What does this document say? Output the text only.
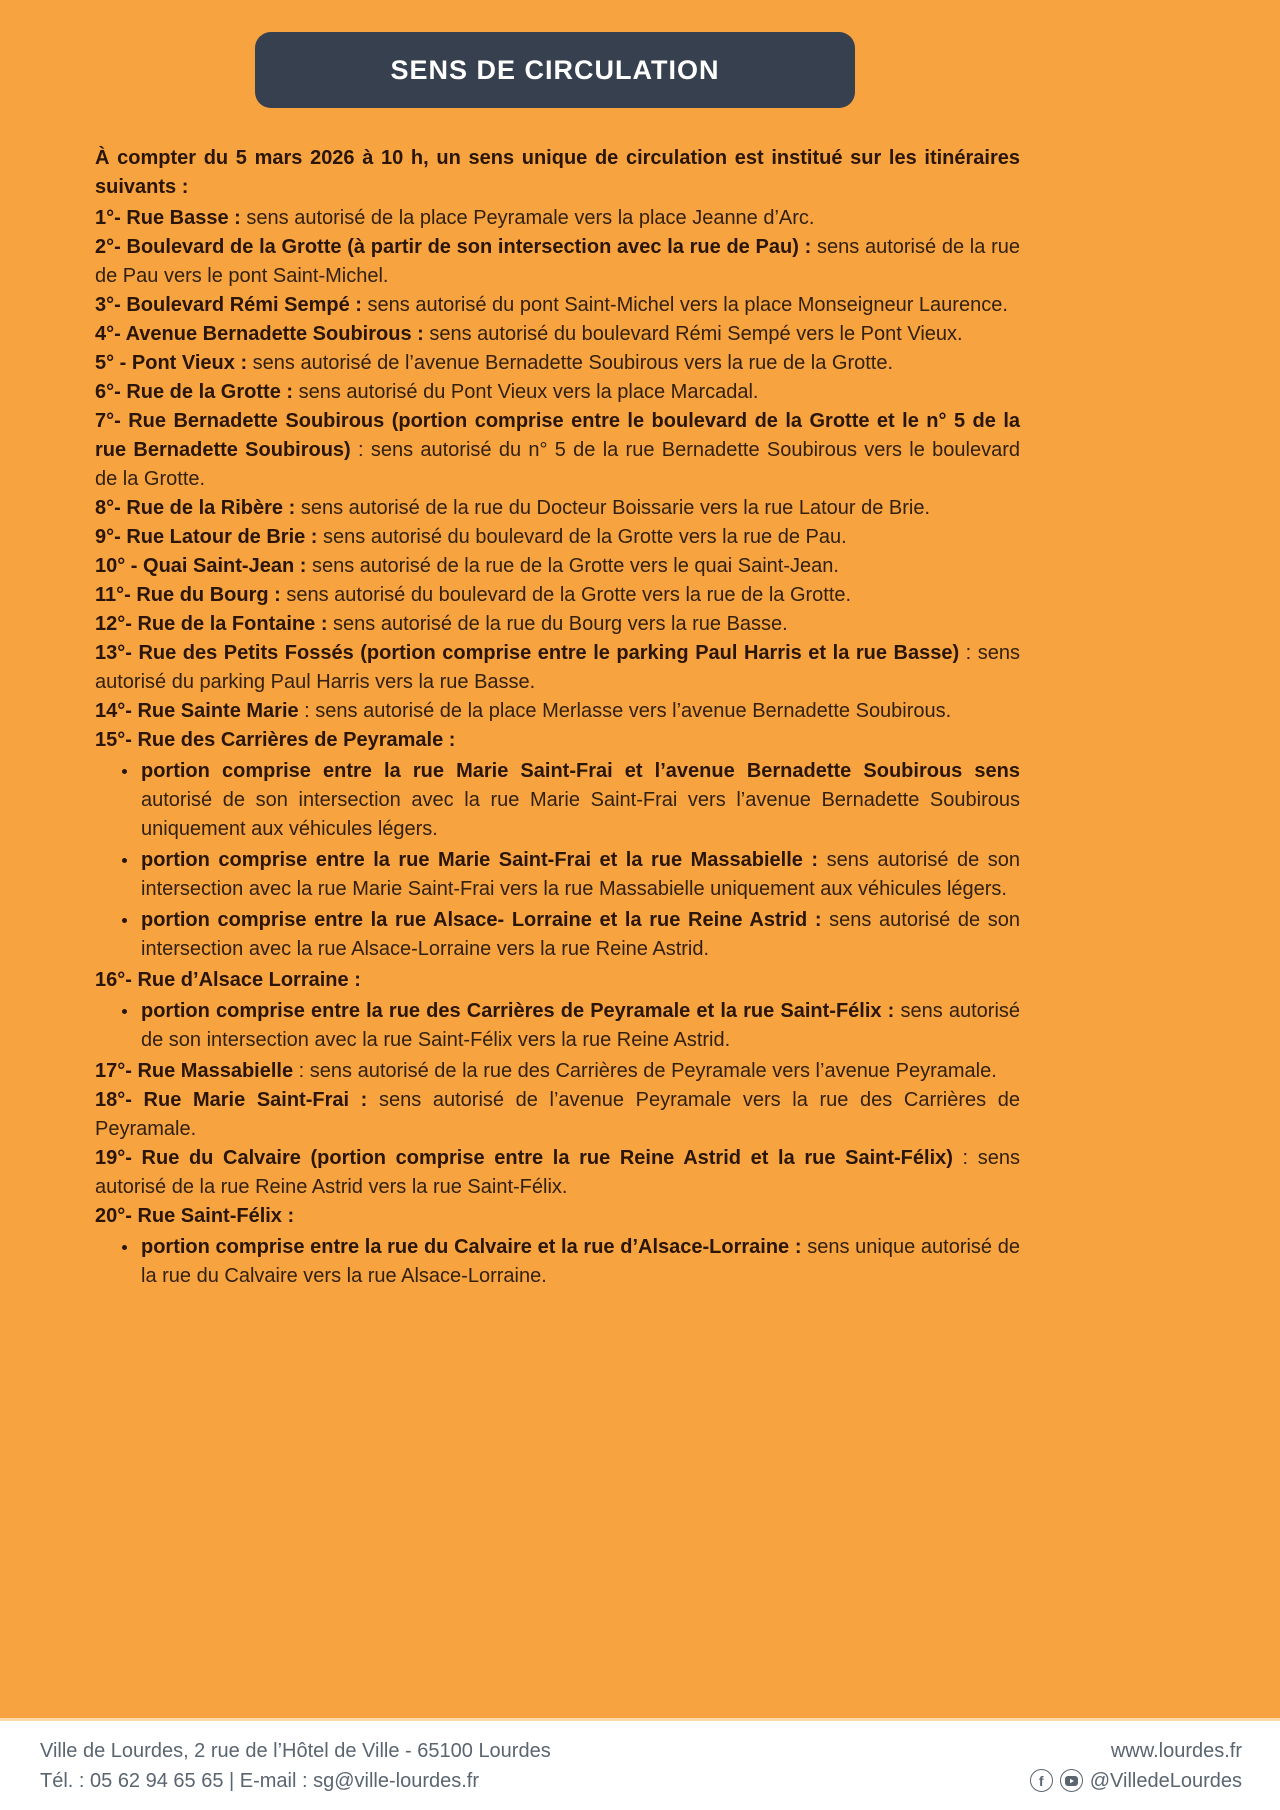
SENS DE CIRCULATION

À compter du 5 mars 2026 à 10 h, un sens unique de circulation est institué sur les itinéraires suivants :

1°- Rue Basse : sens autorisé de la place Peyramale vers la place Jeanne d’Arc.

2°- Boulevard de la Grotte (à partir de son intersection avec la rue de Pau) : sens autorisé de la rue de Pau vers le pont Saint-Michel.

3°- Boulevard Rémi Sempé : sens autorisé du pont Saint-Michel vers la place Monseigneur Laurence.

4°- Avenue Bernadette Soubirous : sens autorisé du boulevard Rémi Sempé vers le Pont Vieux.

5° - Pont Vieux : sens autorisé de l’avenue Bernadette Soubirous vers la rue de la Grotte.

6°- Rue de la Grotte : sens autorisé du Pont Vieux vers la place Marcadal.

7°- Rue Bernadette Soubirous (portion comprise entre le boulevard de la Grotte et le n° 5 de la rue Bernadette Soubirous) : sens autorisé du n° 5 de la rue Bernadette Soubirous vers le boulevard de la Grotte.

8°- Rue de la Ribère : sens autorisé de la rue du Docteur Boissarie vers la rue Latour de Brie.

9°- Rue Latour de Brie : sens autorisé du boulevard de la Grotte vers la rue de Pau.

10° - Quai Saint-Jean : sens autorisé de la rue de la Grotte vers le quai Saint-Jean.

11°- Rue du Bourg : sens autorisé du boulevard de la Grotte vers la rue de la Grotte.

12°- Rue de la Fontaine : sens autorisé de la rue du Bourg vers la rue Basse.

13°- Rue des Petits Fossés (portion comprise entre le parking Paul Harris et la rue Basse) : sens autorisé du parking Paul Harris vers la rue Basse.

14°- Rue Sainte Marie : sens autorisé de la place Merlasse vers l’avenue Bernadette Soubirous.

15°- Rue des Carrières de Peyramale :

• portion comprise entre la rue Marie Saint-Frai et l’avenue Bernadette Soubirous sens autorisé de son intersection avec la rue Marie Saint-Frai vers l’avenue Bernadette Soubirous uniquement aux véhicules légers.
• portion comprise entre la rue Marie Saint-Frai et la rue Massabielle : sens autorisé de son intersection avec la rue Marie Saint-Frai vers la rue Massabielle uniquement aux véhicules légers.
• portion comprise entre la rue Alsace- Lorraine et la rue Reine Astrid : sens autorisé de son intersection avec la rue Alsace-Lorraine vers la rue Reine Astrid.

16°- Rue d’Alsace Lorraine :

• portion comprise entre la rue des Carrières de Peyramale et la rue Saint-Félix : sens autorisé de son intersection avec la rue Saint-Félix vers la rue Reine Astrid.

17°- Rue Massabielle : sens autorisé de la rue des Carrières de Peyramale vers l’avenue Peyramale.

18°- Rue Marie Saint-Frai : sens autorisé de l’avenue Peyramale vers la rue des Carrières de Peyramale.

19°- Rue du Calvaire (portion comprise entre la rue Reine Astrid et la rue Saint-Félix) : sens autorisé de la rue Reine Astrid vers la rue Saint-Félix.

20°- Rue Saint-Félix :

• portion comprise entre la rue du Calvaire et la rue d’Alsace-Lorraine : sens unique autorisé de la rue du Calvaire vers la rue Alsace-Lorraine.
Ville de Lourdes, 2 rue de l’Hôtel de Ville - 65100 Lourdes
Tél. : 05 62 94 65 65 | E-mail : sg@ville-lourdes.fr
www.lourdes.fr
f	@VilledeLourdes
